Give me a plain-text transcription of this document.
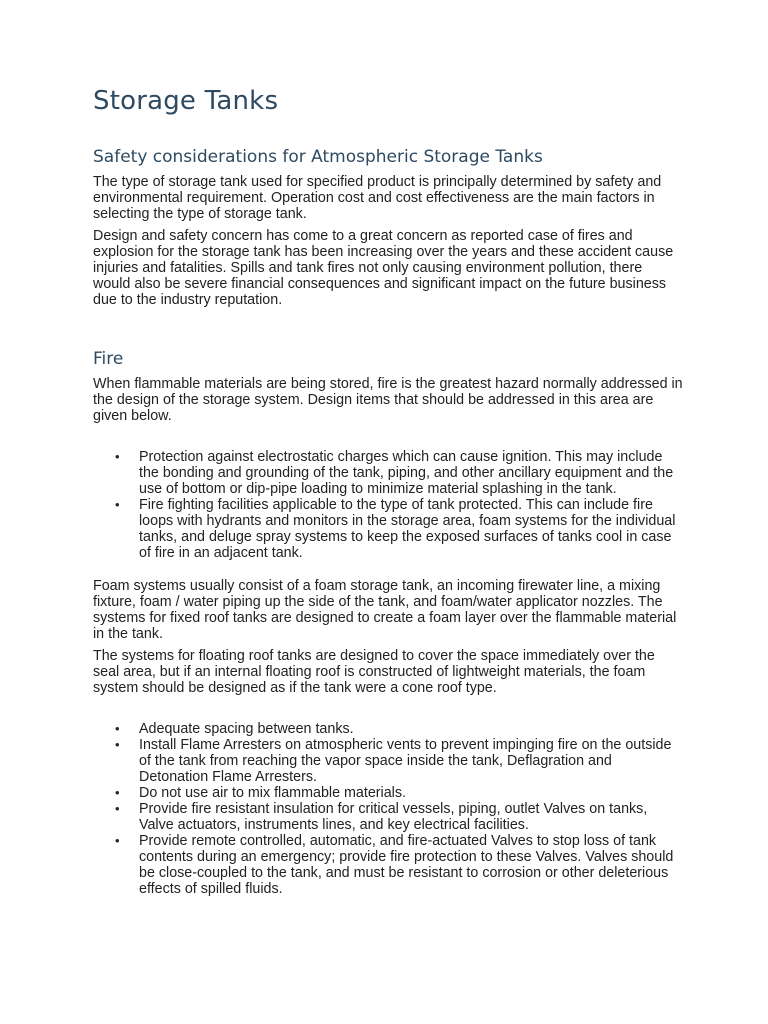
Storage Tanks
Safety considerations for Atmospheric Storage Tanks

The type of storage tank used for specified product is principally determined by safety and environmental requirement. Operation cost and cost effectiveness are the main factors in selecting the type of storage tank.

Design and safety concern has come to a great concern as reported case of fires and explosion for the storage tank has been increasing over the years and these accident cause injuries and fatalities. Spills and tank fires not only causing environment pollution, there would also be severe financial consequences and significant impact on the future business due to the industry reputation.

Fire

When flammable materials are being stored, fire is the greatest hazard normally addressed in the design of the storage system. Design items that should be addressed in this area are given below.

• Protection against electrostatic charges which can cause ignition. This may include the bonding and grounding of the tank, piping, and other ancillary equipment and the use of bottom or dip-pipe loading to minimize material splashing in the tank.
• Fire fighting facilities applicable to the type of tank protected. This can include fire loops with hydrants and monitors in the storage area, foam systems for the individual tanks, and deluge spray systems to keep the exposed surfaces of tanks cool in case of fire in an adjacent tank.

Foam systems usually consist of a foam storage tank, an incoming firewater line, a mixing fixture, foam / water piping up the side of the tank, and foam/water applicator nozzles. The systems for fixed roof tanks are designed to create a foam layer over the flammable material in the tank.

The systems for floating roof tanks are designed to cover the space immediately over the seal area, but if an internal floating roof is constructed of lightweight materials, the foam system should be designed as if the tank were a cone roof type.

• Adequate spacing between tanks.
• Install Flame Arresters on atmospheric vents to prevent impinging fire on the outside of the tank from reaching the vapor space inside the tank, Deflagration and Detonation Flame Arresters.
• Do not use air to mix flammable materials.
• Provide fire resistant insulation for critical vessels, piping, outlet Valves on tanks, Valve actuators, instruments lines, and key electrical facilities.
• Provide remote controlled, automatic, and fire-actuated Valves to stop loss of tank contents during an emergency; provide fire protection to these Valves. Valves should be close-coupled to the tank, and must be resistant to corrosion or other deleterious effects of spilled fluids.
